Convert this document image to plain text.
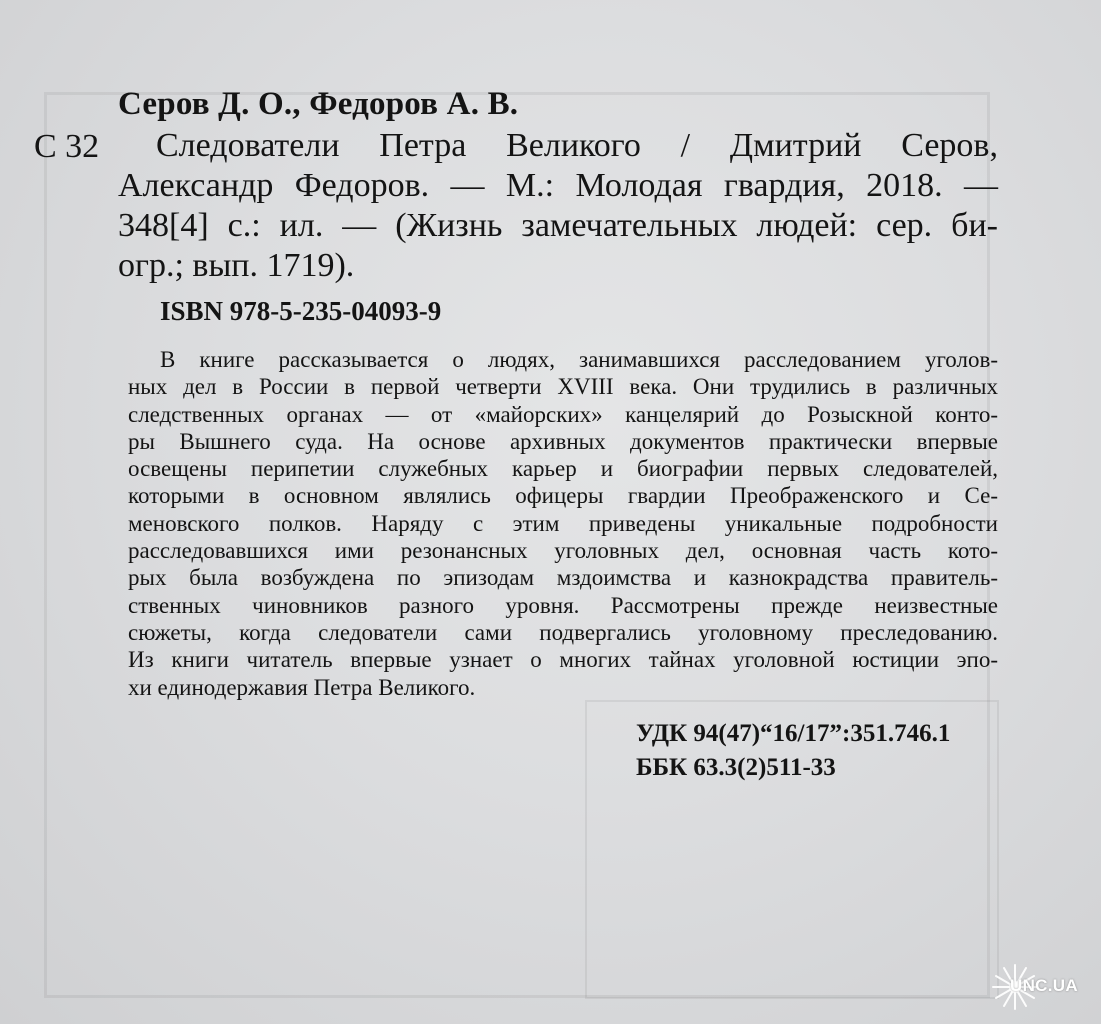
Серов Д. О., Федоров А. В.
С 32	Следователи Петра Великого / Дмитрий Серов,
Александр Федоров. — М.: Молодая гвардия, 2018. —
348[4] с.: ил. — (Жизнь замечательных людей: сер. би-
огр.; вып. 1719).
ISBN 978-5-235-04093-9
В книге рассказывается о людях, занимавшихся расследованием уголов-
ных дел в России в первой четверти XVIII века. Они трудились в различных
следственных органах — от «майорских» канцелярий до Розыскной конто-
ры Вышнего суда. На основе архивных документов практически впервые
освещены перипетии служебных карьер и биографии первых следователей,
которыми в основном являлись офицеры гвардии Преображенского и Се-
меновского полков. Наряду с этим приведены уникальные подробности
расследовавшихся ими резонансных уголовных дел, основная часть кото-
рых была возбуждена по эпизодам мздоимства и казнокрадства правитель-
ственных чиновников разного уровня. Рассмотрены прежде неизвестные
сюжеты, когда следователи сами подвергались уголовному преследованию.
Из книги читатель впервые узнает о многих тайнах уголовной юстиции эпо-
хи единодержавия Петра Великого.
УДК 94(47)“16/17”:351.746.1
ББК 63.3(2)511-33
UNC.UA
